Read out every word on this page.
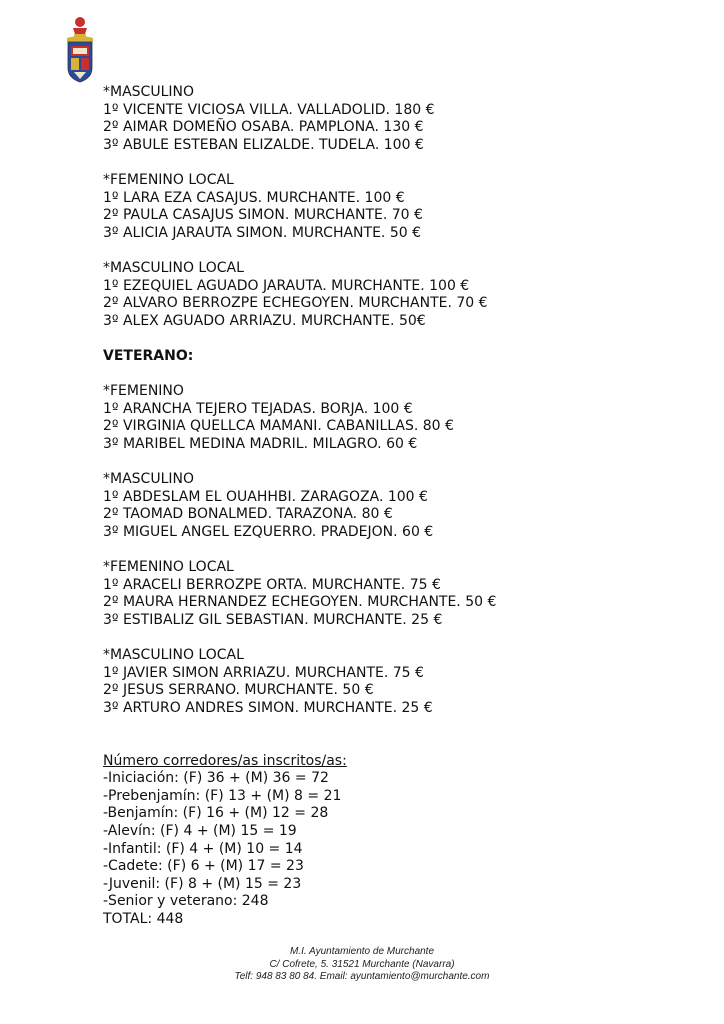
*MASCULINO
1º VICENTE VICIOSA VILLA. VALLADOLID. 180 €
2º AIMAR DOMEÑO OSABA. PAMPLONA. 130 €
3º ABULE ESTEBAN ELIZALDE. TUDELA. 100 €
*FEMENINO LOCAL
1º LARA EZA CASAJUS. MURCHANTE. 100 €
2º PAULA CASAJUS SIMON. MURCHANTE. 70 €
3º ALICIA JARAUTA SIMON. MURCHANTE. 50 €
*MASCULINO LOCAL
1º EZEQUIEL AGUADO JARAUTA. MURCHANTE. 100 €
2º ALVARO BERROZPE ECHEGOYEN. MURCHANTE. 70 €
3º ALEX AGUADO ARRIAZU. MURCHANTE. 50€
VETERANO:
*FEMENINO
1º ARANCHA TEJERO TEJADAS. BORJA. 100 €
2º VIRGINIA QUELLCA MAMANI. CABANILLAS. 80 €
3º MARIBEL MEDINA MADRIL. MILAGRO. 60 €
*MASCULINO
1º ABDESLAM EL OUAHHBI. ZARAGOZA. 100 €
2º TAOMAD BONALMED. TARAZONA. 80 €
3º MIGUEL ANGEL EZQUERRO. PRADEJON. 60 €
*FEMENINO LOCAL
1º ARACELI BERROZPE ORTA. MURCHANTE. 75 €
2º MAURA HERNANDEZ ECHEGOYEN. MURCHANTE. 50 €
3º ESTIBALIZ GIL SEBASTIAN. MURCHANTE. 25 €
*MASCULINO LOCAL
1º JAVIER SIMON ARRIAZU. MURCHANTE. 75 €
2º JESUS SERRANO. MURCHANTE. 50 €
3º ARTURO ANDRES SIMON. MURCHANTE. 25 €
Número corredores/as inscritos/as:
-Iniciación: (F) 36 + (M) 36 = 72
-Prebenjamín: (F) 13 + (M) 8 = 21
-Benjamín: (F) 16 + (M) 12 = 28
-Alevín: (F) 4 + (M) 15 = 19
-Infantil: (F) 4 + (M) 10 = 14
-Cadete: (F) 6 + (M) 17 = 23
-Juvenil: (F) 8 + (M) 15 = 23
-Senior y veterano: 248
TOTAL: 448
M.I. Ayuntamiento de Murchante
C/ Cofrete, 5. 31521 Murchante (Navarra)
Telf: 948 83 80 84. Email: ayuntamiento@murchante.com
